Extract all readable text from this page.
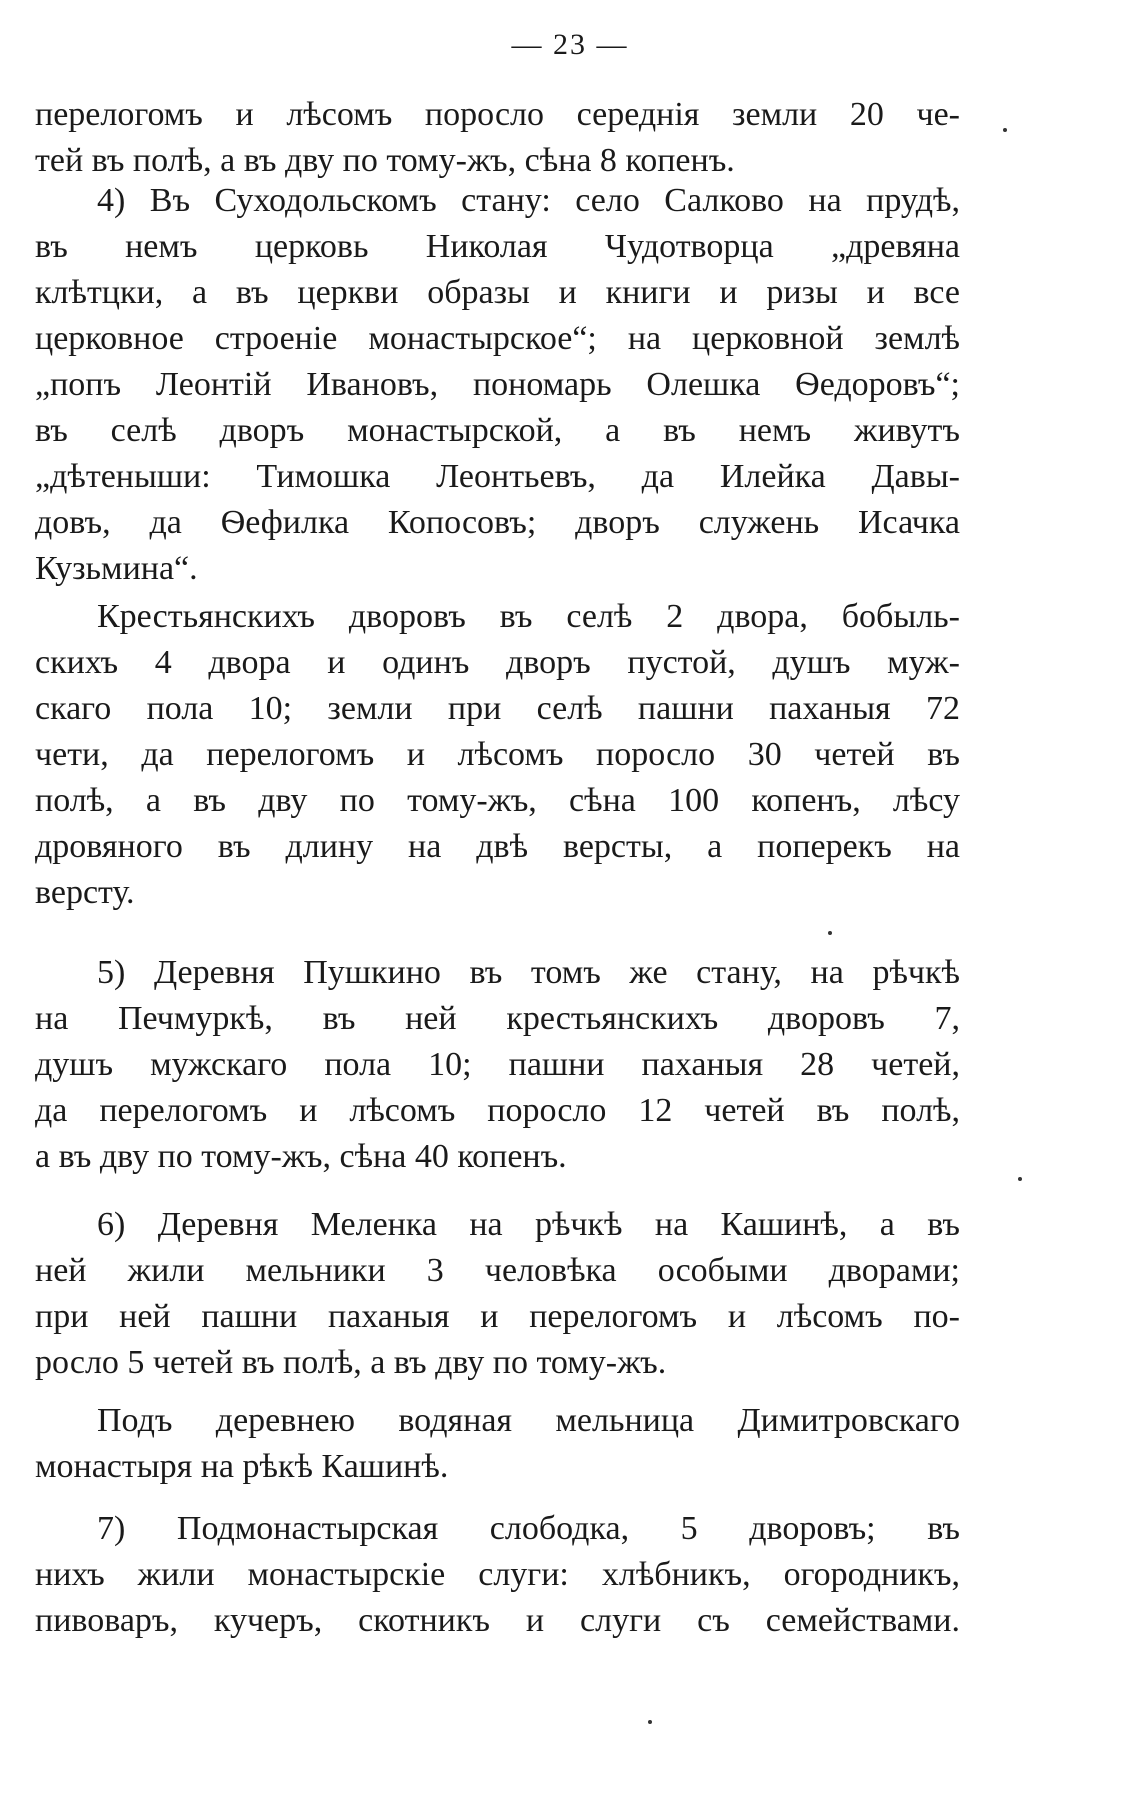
— 23 —
перелогомъ и лѣсомъ поросло середнія земли 20 че-
тей въ полѣ, а въ дву по тому-жъ, сѣна 8 копенъ.
4) Въ Суходольскомъ стану: село Салково на прудѣ,
въ немъ церковь Николая Чудотворца „древяна
клѣтцки, а въ церкви образы и книги и ризы и все
церковное строеніе монастырское“; на церковной землѣ
„попъ Леонтій Ивановъ, пономарь Олешка Ѳедоровъ“;
въ селѣ дворъ монастырской, а въ немъ живутъ
„дѣтеныши: Тимошка Леонтьевъ, да Илейка Давы-
довъ, да Ѳефилка Копосовъ; дворъ служень Исачка
Кузьмина“.
Крестьянскихъ дворовъ въ селѣ 2 двора, бобыль-
скихъ 4 двора и одинъ дворъ пустой, душъ муж-
скаго пола 10; земли при селѣ пашни паханыя 72
чети, да перелогомъ и лѣсомъ поросло 30 четей въ
полѣ, а въ дву по тому-жъ, сѣна 100 копенъ, лѣсу
дровяного въ длину на двѣ версты, а поперекъ на
версту.
5) Деревня Пушкино въ томъ же стану, на рѣчкѣ
на Печмуркѣ, въ ней крестьянскихъ дворовъ 7,
душъ мужскаго пола 10; пашни паханыя 28 четей,
да перелогомъ и лѣсомъ поросло 12 четей въ полѣ,
а въ дву по тому-жъ, сѣна 40 копенъ.
6) Деревня Меленка на рѣчкѣ на Кашинѣ, а въ
ней жили мельники 3 человѣка особыми дворами;
при ней пашни паханыя и перелогомъ и лѣсомъ по-
росло 5 четей въ полѣ, а въ дву по тому-жъ.
Подъ деревнею водяная мельница Димитровскаго
монастыря на рѣкѣ Кашинѣ.
7) Подмонастырская слободка, 5 дворовъ; въ
нихъ жили монастырскіе слуги: хлѣбникъ, огородникъ,
пивоваръ, кучеръ, скотникъ и слуги съ семействами.
